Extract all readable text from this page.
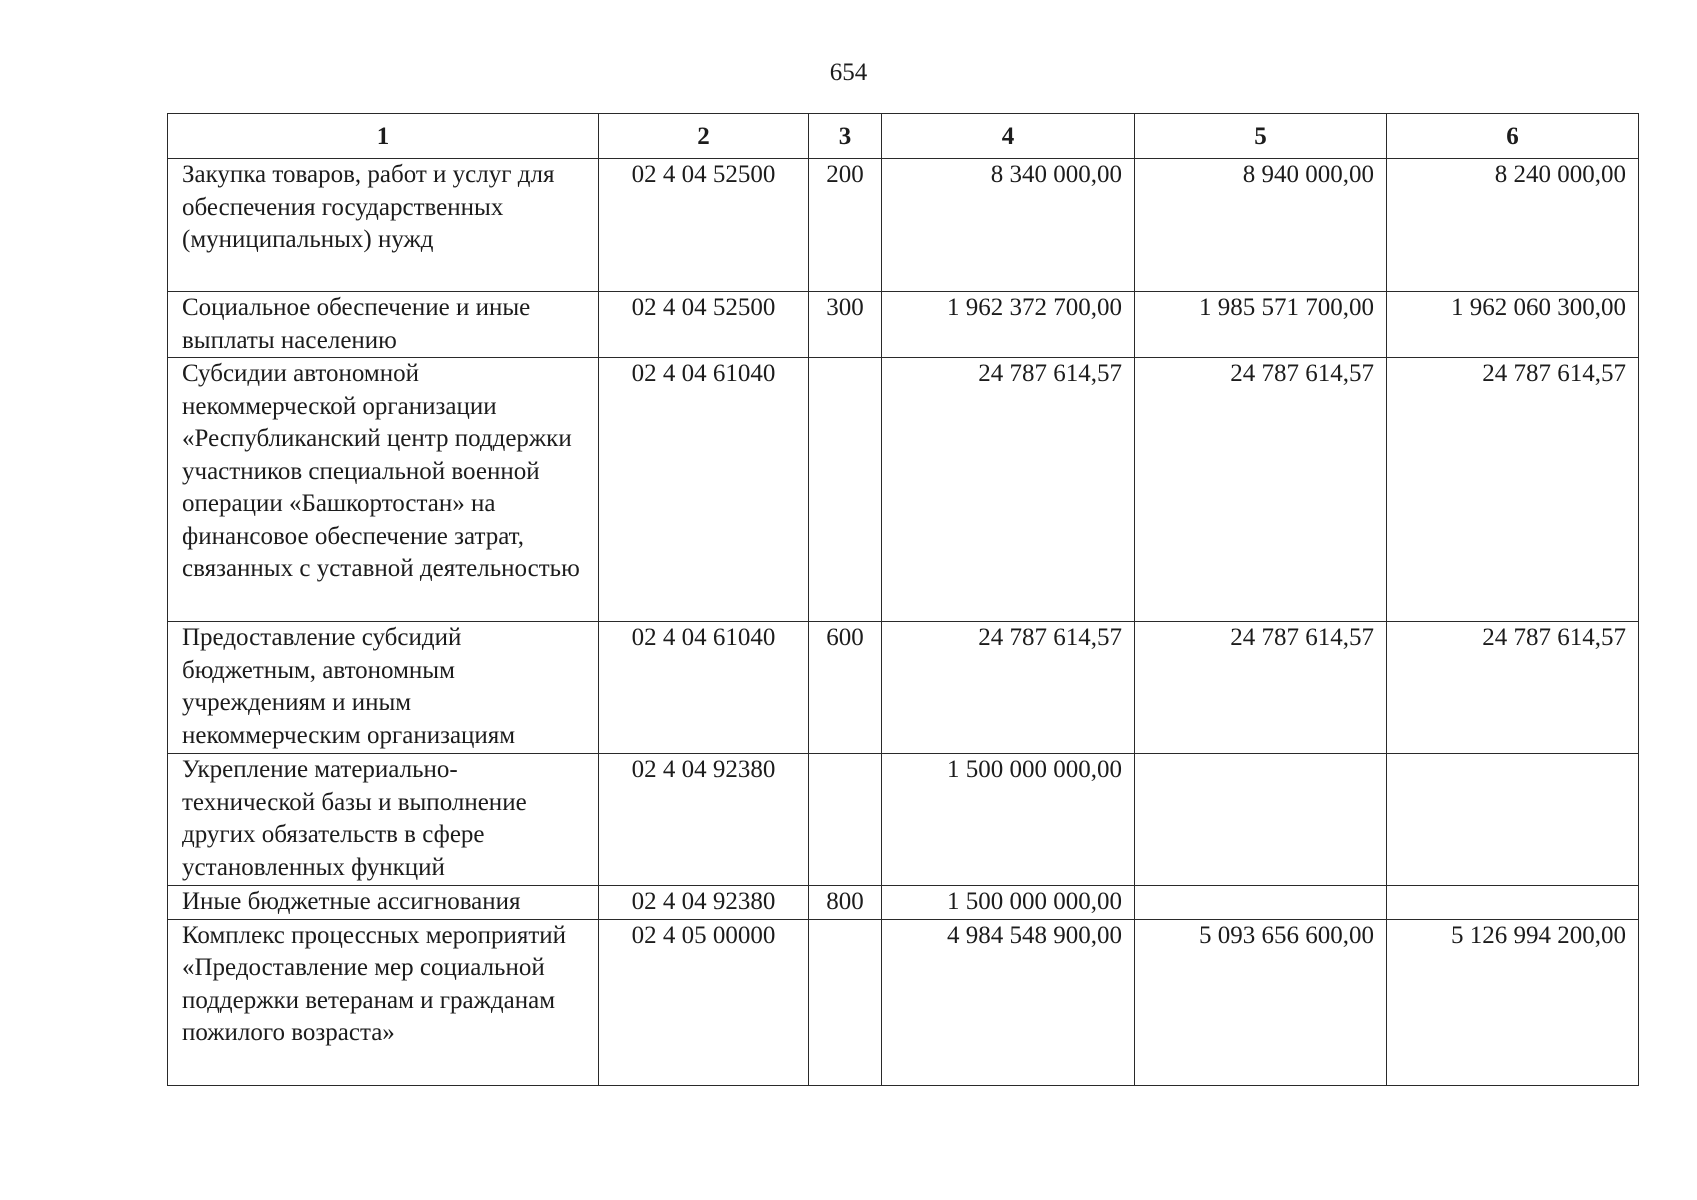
654
1	2	3	4	5	6
Закупка товаров, работ и услуг для обеспечения государственных (муниципальных) нужд	02 4 04 52500	200	8 340 000,00	8 940 000,00	8 240 000,00
Социальное обеспечение и иные выплаты населению	02 4 04 52500	300	1 962 372 700,00	1 985 571 700,00	1 962 060 300,00
Субсидии автономной некоммерческой организации «Республиканский центр поддержки участников специальной военной операции «Башкортостан» на финансовое обеспечение затрат, связанных с уставной деятельностью	02 4 04 61040		24 787 614,57	24 787 614,57	24 787 614,57
Предоставление субсидий бюджетным, автономным учреждениям и иным некоммерческим организациям	02 4 04 61040	600	24 787 614,57	24 787 614,57	24 787 614,57
Укрепление материально-технической базы и выполнение других обязательств в сфере установленных функций	02 4 04 92380		1 500 000 000,00		
Иные бюджетные ассигнования	02 4 04 92380	800	1 500 000 000,00		
Комплекс процессных мероприятий «Предоставление мер социальной поддержки ветеранам и гражданам пожилого возраста»	02 4 05 00000		4 984 548 900,00	5 093 656 600,00	5 126 994 200,00
